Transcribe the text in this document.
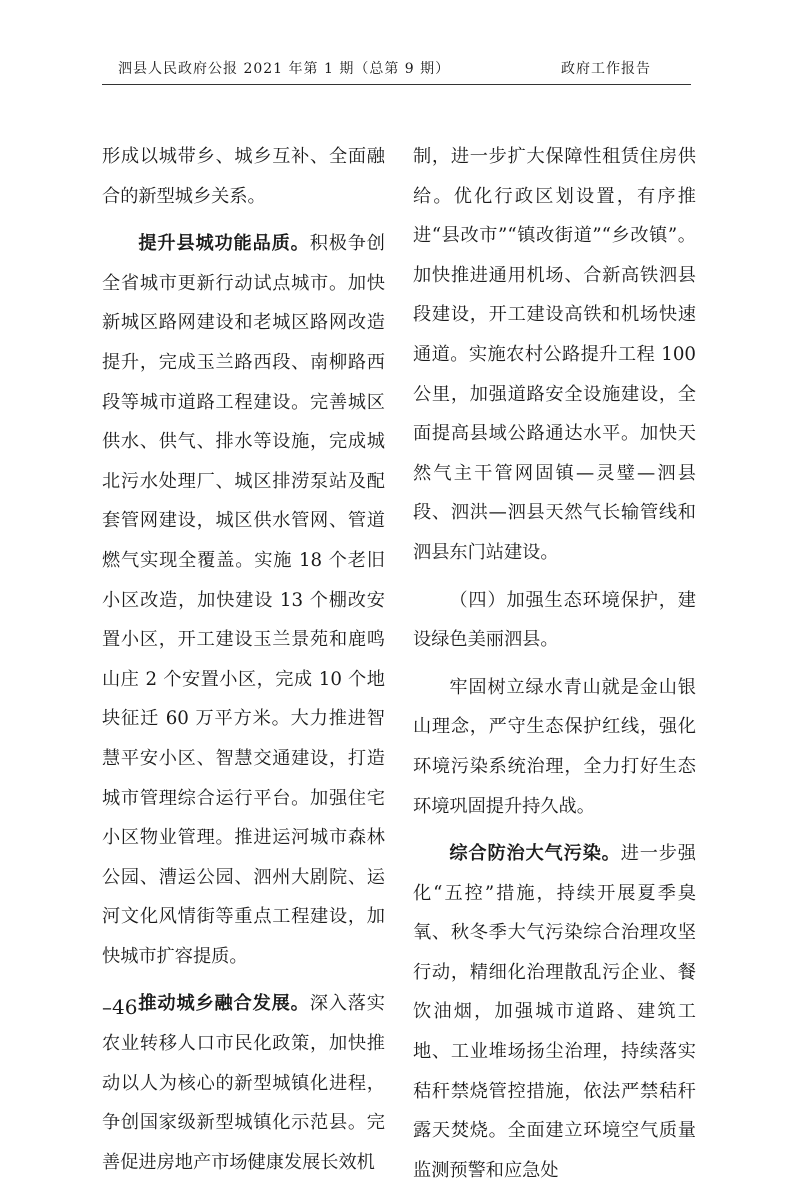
泗县人民政府公报 2021 年第 1 期（总第 9 期）	政府工作报告

形成以城带乡、城乡互补、全面融合的新型城乡关系。

提升县城功能品质。积极争创全省城市更新行动试点城市。加快新城区路网建设和老城区路网改造提升，完成玉兰路西段、南柳路西段等城市道路工程建设。完善城区供水、供气、排水等设施，完成城北污水处理厂、城区排涝泵站及配套管网建设，城区供水管网、管道燃气实现全覆盖。实施 18 个老旧小区改造，加快建设 13 个棚改安置小区，开工建设玉兰景苑和鹿鸣山庄 2 个安置小区，完成 10 个地块征迁 60 万平方米。大力推进智慧平安小区、智慧交通建设，打造城市管理综合运行平台。加强住宅小区物业管理。推进运河城市森林公园、漕运公园、泗州大剧院、运河文化风情街等重点工程建设，加快城市扩容提质。

推动城乡融合发展。深入落实农业转移人口市民化政策，加快推动以人为核心的新型城镇化进程，争创国家级新型城镇化示范县。完善促进房地产市场健康发展长效机

制，进一步扩大保障性租赁住房供给。优化行政区划设置，有序推进“县改市”“镇改街道”“乡改镇”。加快推进通用机场、合新高铁泗县段建设，开工建设高铁和机场快速通道。实施农村公路提升工程 100 公里，加强道路安全设施建设，全面提高县域公路通达水平。加快天然气主干管网固镇—灵璧—泗县段、泗洪—泗县天然气长输管线和泗县东门站建设。

（四）加强生态环境保护，建设绿色美丽泗县。

牢固树立绿水青山就是金山银山理念，严守生态保护红线，强化环境污染系统治理，全力打好生态环境巩固提升持久战。

综合防治大气污染。进一步强化“五控”措施，持续开展夏季臭氧、秋冬季大气污染综合治理攻坚行动，精细化治理散乱污企业、餐饮油烟，加强城市道路、建筑工地、工业堆场扬尘治理，持续落实秸秆禁烧管控措施，依法严禁秸秆露天焚烧。全面建立环境空气质量监测预警和应急处

–46–
